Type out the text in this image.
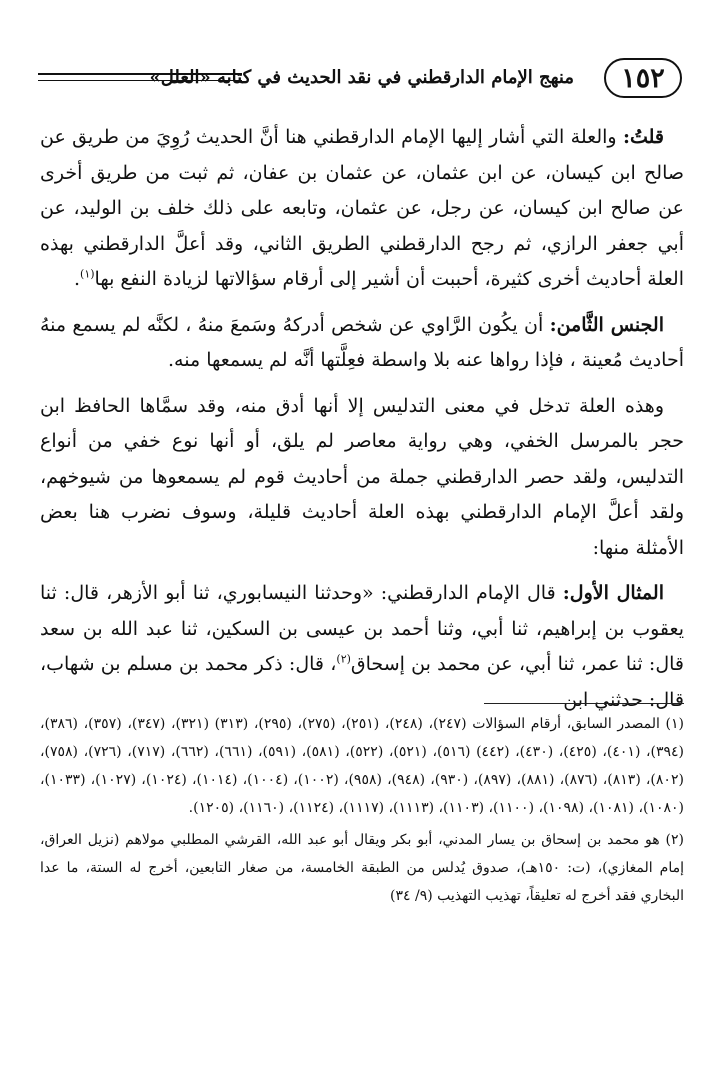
منهج الإمام الدارقطني في نقد الحديث في كتابه «العلل»	١٥٢

قلتُ: والعلة التي أشار إليها الإمام الدارقطني هنا أنَّ الحديث رُوِيَ من طريق عن صالح ابن كيسان، عن ابن عثمان، عن عثمان بن عفان، ثم ثبت من طريق أخرى عن صالح ابن كيسان، عن رجل، عن عثمان، وتابعه على ذلك خلف بن الوليد، عن أبي جعفر الرازي، ثم رجح الدارقطني الطريق الثاني، وقد أعلَّ الدارقطني بهذه العلة أحاديث أخرى كثيرة، أحببت أن أشير إلى أرقام سؤالاتها لزيادة النفع بها$^{(١)}$.

الجنس الثَّامن: أن يكُون الرَّاوي عن شخص أدركهُ وسَمعَ منهُ ، لكنَّه لم يسمع منهُ أحاديث مُعينة ، فإذا رواها عنه بلا واسطة فعِلَّتها أنَّه لم يسمعها منه.

وهذه العلة تدخل في معنى التدليس إلا أنها أدق منه، وقد سمَّاها الحافظ ابن حجر بالمرسل الخفي، وهي رواية معاصر لم يلق، أو أنها نوع خفي من أنواع التدليس، ولقد حصر الدارقطني جملة من أحاديث قوم لم يسمعوها من شيوخهم، ولقد أعلَّ الإمام الدارقطني بهذه العلة أحاديث قليلة، وسوف نضرب هنا بعض الأمثلة منها:

المثال الأول: قال الإمام الدارقطني: «وحدثنا النيسابوري، ثنا أبو الأزهر، قال: ثنا يعقوب بن إبراهيم، ثنا أبي، وثنا أحمد بن عيسى بن السكين، ثنا عبد الله بن سعد قال: ثنا عمر، ثنا أبي، عن محمد بن إسحاق$^{(٢)}$، قال: ذكر محمد بن مسلم بن شهاب، قال: حدثني ابن

(١) المصدر السابق، أرقام السؤالات (٢٤٧)، (٢٤٨)، (٢٥١)، (٢٧٥)، (٢٩٥)، (٣١٣) (٣٢١)، (٣٤٧)، (٣٥٧)، (٣٨٦)، (٣٩٤)، (٤٠١)، (٤٢٥)، (٤٣٠)، (٤٤٢) (٥١٦)، (٥٢١)، (٥٢٢)، (٥٨١)، (٥٩١)، (٦٦١)، (٦٦٢)، (٧١٧)، (٧٢٦)، (٧٥٨)، (٨٠٢)، (٨١٣)، (٨٧٦)، (٨٨١)، (٨٩٧)، (٩٣٠)، (٩٤٨)، (٩٥٨)، (١٠٠٢)، (١٠٠٤)، (١٠١٤)، (١٠٢٤)، (١٠٢٧)، (١٠٣٣)، (١٠٨٠)، (١٠٨١)، (١٠٩٨)، (١١٠٠)، (١١٠٣)، (١١١٣)، (١١١٧)، (١١٢٤)، (١١٦٠)، (١٢٠٥).

(٢) هو محمد بن إسحاق بن يسار المدني، أبو بكر ويقال أبو عبد الله، القرشي المطلبي مولاهم (نزيل العراق، إمام المغازي)، (ت: ١٥٠هـ)، صدوق يُدلس من الطبقة الخامسة، من صغار التابعين، أخرج له الستة، ما عدا البخاري فقد أخرج له تعليقاً، تهذيب التهذيب (٩/ ٣٤)
